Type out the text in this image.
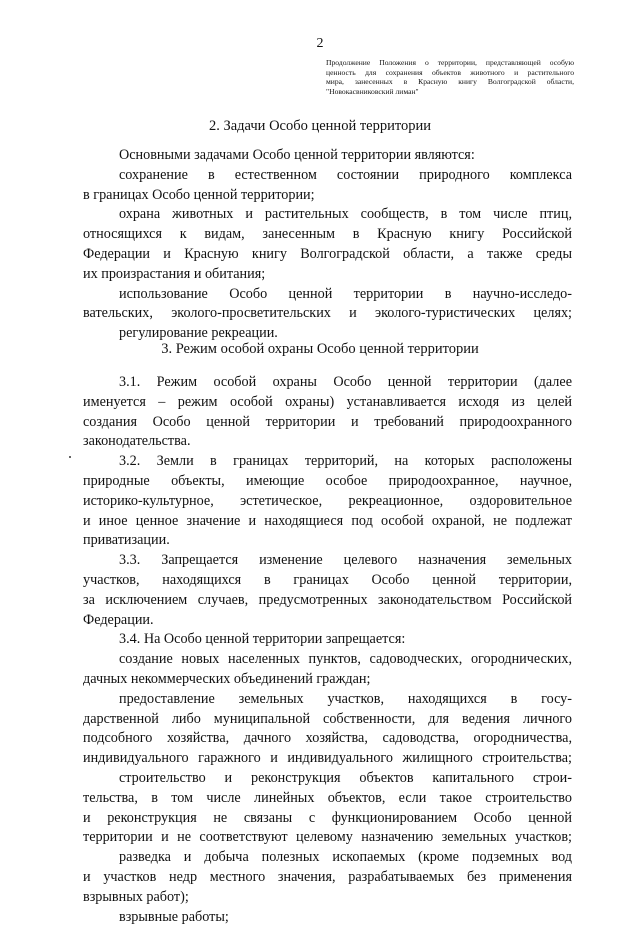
2
Продолжение Положения о территории, представляющей особую
ценность для сохранения объектов животного и растительного
мира, занесенных в Красную книгу Волгоградской области,
"Новокасвниковский лиман"
2. Задачи Особо ценной территории
Основными задачами Особо ценной территории являются:
сохранение в естественном состоянии природного комплекса
в границах Особо ценной территории;
охрана животных и растительных сообществ, в том числе птиц,
относящихся к видам, занесенным в Красную книгу Российской
Федерации и Красную книгу Волгоградской области, а также среды
их произрастания и обитания;
использование Особо ценной территории в научно-исследо-
вательских, эколого-просветительских и эколого-туристических целях;
регулирование рекреации.
3. Режим особой охраны Особо ценной территории
3.1. Режим особой охраны Особо ценной территории (далее
именуется – режим особой охраны) устанавливается исходя из целей
создания Особо ценной территории и требований природоохранного
законодательства.
3.2. Земли в границах территорий, на которых расположены
природные объекты, имеющие особое природоохранное, научное,
историко-культурное, эстетическое, рекреационное, оздоровительное
и иное ценное значение и находящиеся под особой охраной, не подлежат
приватизации.
3.3. Запрещается изменение целевого назначения земельных
участков, находящихся в границах Особо ценной территории,
за исключением случаев, предусмотренных законодательством Российской
Федерации.
3.4. На Особо ценной территории запрещается:
создание новых населенных пунктов, садоводческих, огороднических,
дачных некоммерческих объединений граждан;
предоставление земельных участков, находящихся в госу-
дарственной либо муниципальной собственности, для ведения личного
подсобного хозяйства, дачного хозяйства, садоводства, огородничества,
индивидуального гаражного и индивидуального жилищного строительства;
строительство и реконструкция объектов капитального строи-
тельства, в том числе линейных объектов, если такое строительство
и реконструкция не связаны с функционированием Особо ценной
территории и не соответствуют целевому назначению земельных участков;
разведка и добыча полезных ископаемых (кроме подземных вод
и участков недр местного значения, разрабатываемых без применения
взрывных работ);
взрывные работы;
